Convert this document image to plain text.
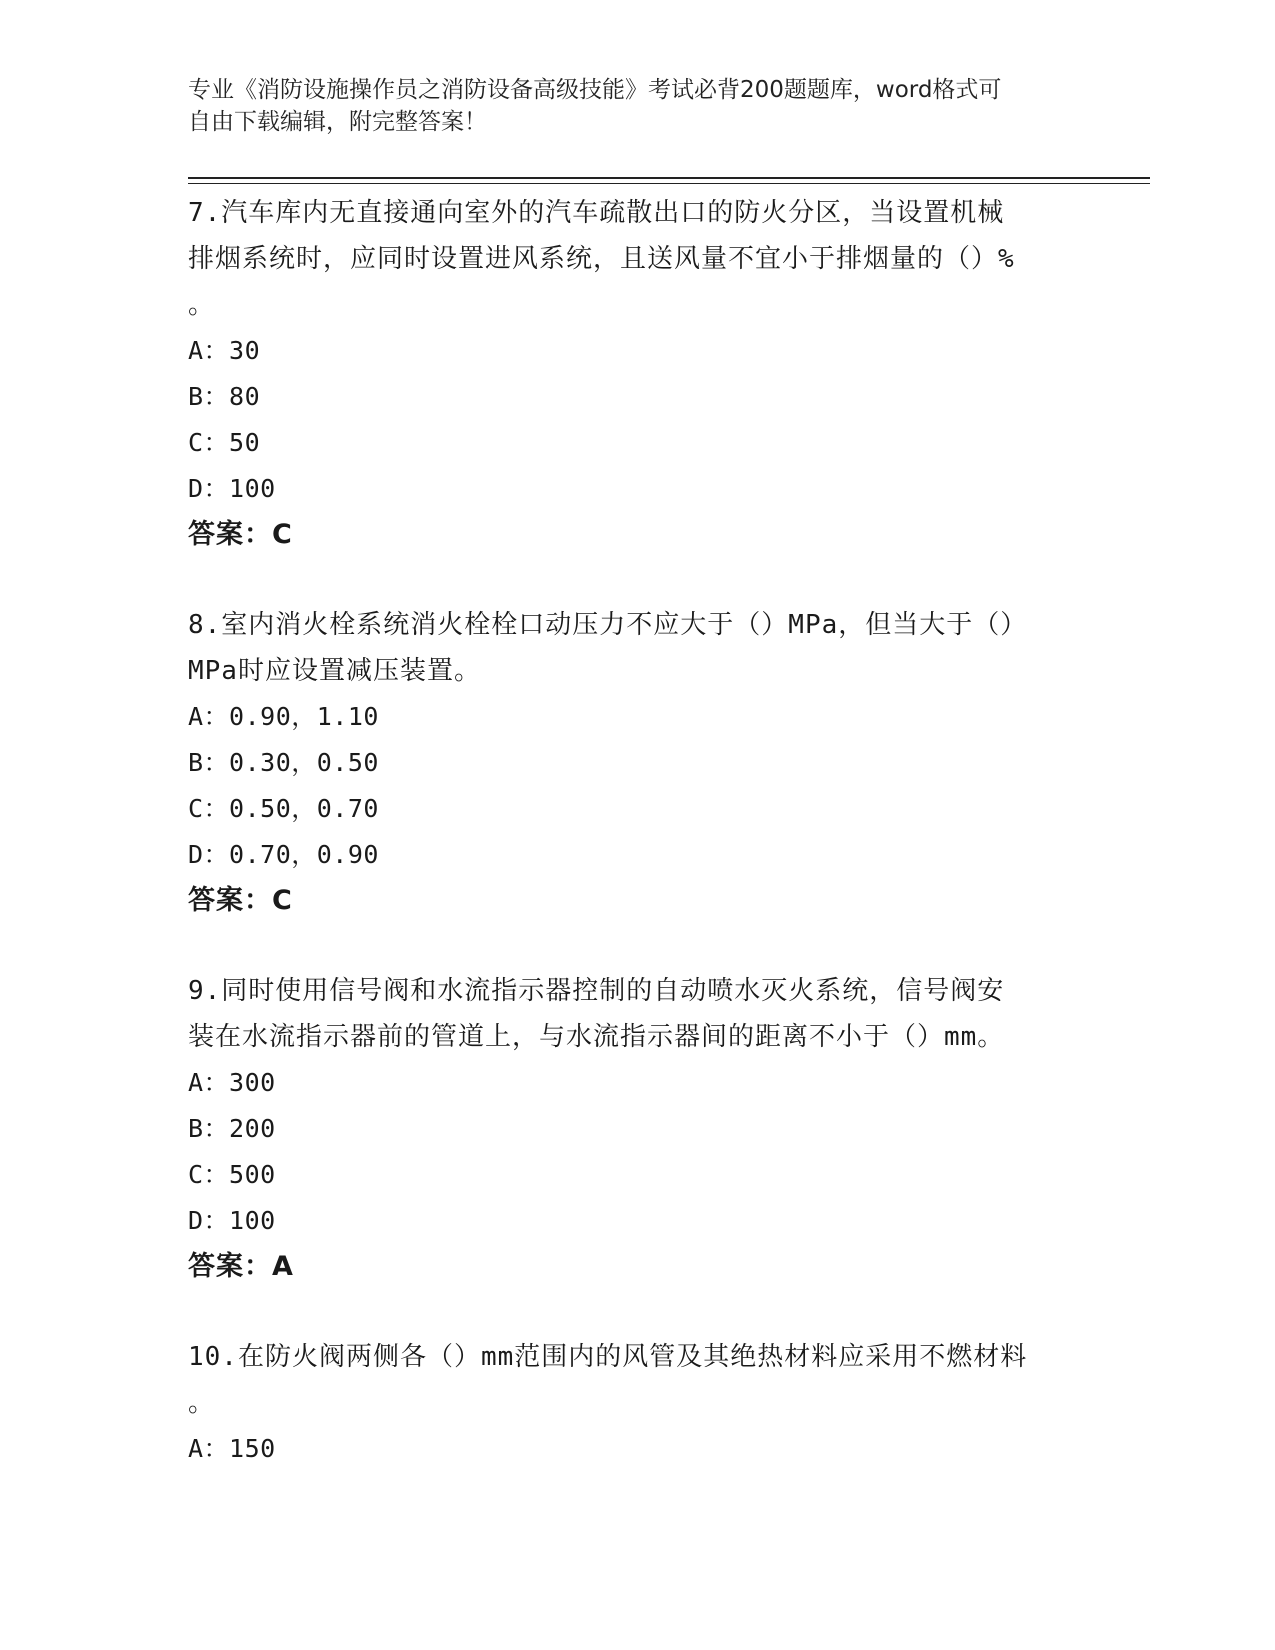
专业《消防设施操作员之消防设备高级技能》考试必背200题题库，word格式可
自由下载编辑，附完整答案！
7.汽车库内无直接通向室外的汽车疏散出口的防火分区，当设置机械
排烟系统时，应同时设置进风系统，且送风量不宜小于排烟量的（）%
。
A：30
B：80
C：50
D：100
答案：C
8.室内消火栓系统消火栓栓口动压力不应大于（）MPa，但当大于（）
MPa时应设置减压装置。
A：0.90，1.10
B：0.30，0.50
C：0.50，0.70
D：0.70，0.90
答案：C
9.同时使用信号阀和水流指示器控制的自动喷水灭火系统，信号阀安
装在水流指示器前的管道上，与水流指示器间的距离不小于（）mm。
A：300
B：200
C：500
D：100
答案：A
10.在防火阀两侧各（）mm范围内的风管及其绝热材料应采用不燃材料
。
A：150
